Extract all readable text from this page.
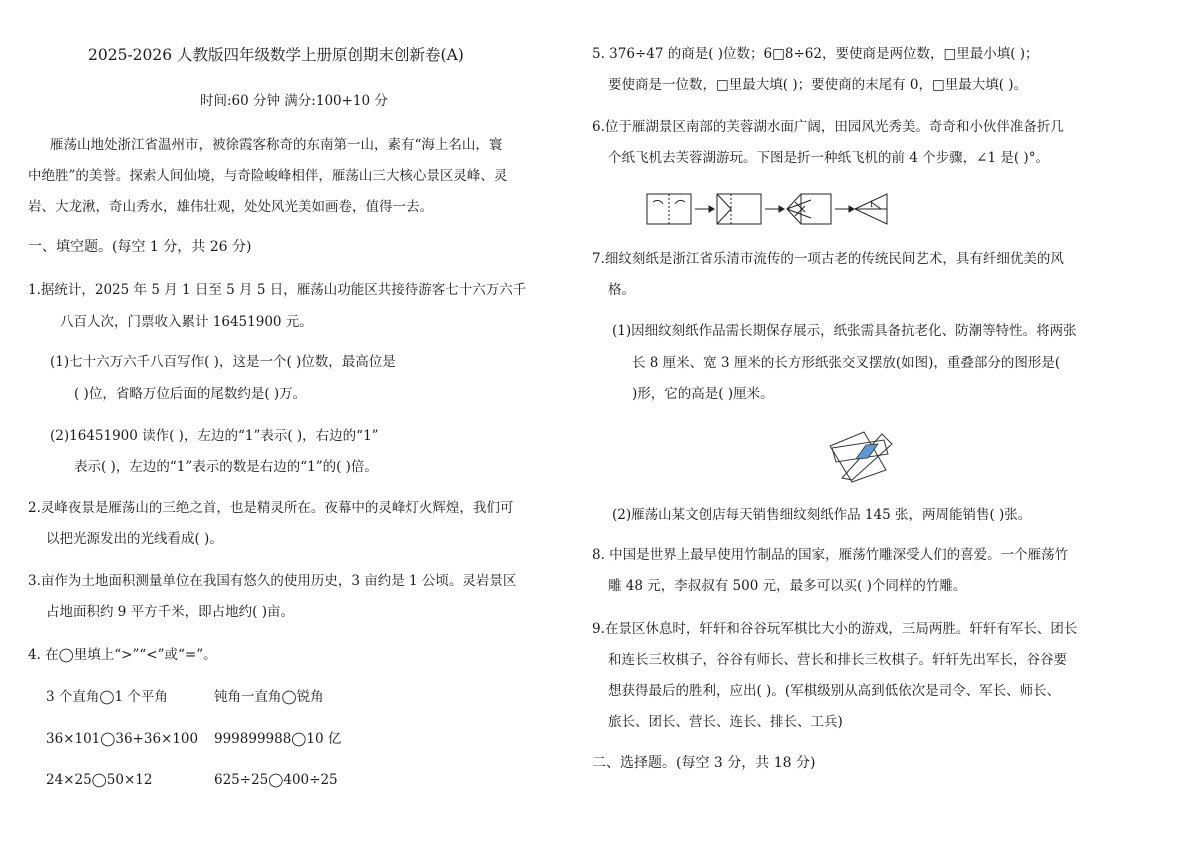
2025-2026 人教版四年级数学上册原创期末创新卷(A)
时间:60 分钟 满分:100+10 分
雁荡山地处浙江省温州市，被徐霞客称奇的东南第一山，素有“海上名山，寰
中绝胜”的美誉。探索人间仙境，与奇险峻峰相伴，雁荡山三大核心景区灵峰、灵
岩、大龙湫，奇山秀水，雄伟壮观，处处风光美如画卷，值得一去。
一、填空题。(每空 1 分，共 26 分)
1.据统计，2025 年 5 月 1 日至 5 月 5 日，雁荡山功能区共接待游客七十六万六千
八百人次，门票收入累计 16451900 元。
(1)七十六万六千八百写作( )，这是一个( )位数，最高位是
( )位，省略万位后面的尾数约是( )万。
(2)16451900 读作( )，左边的“1”表示( )，右边的“1”
表示( )，左边的“1”表示的数是右边的“1”的( )倍。
2.灵峰夜景是雁荡山的三绝之首，也是精灵所在。夜幕中的灵峰灯火辉煌，我们可
以把光源发出的光线看成( )。
3.亩作为土地面积测量单位在我国有悠久的使用历史，3 亩约是 1 公顷。灵岩景区
占地面积约 9 平方千米，即占地约( )亩。
4. 在◯里填上“>”“<”或“=”。
3 个直角◯1 个平角	钝角一直角◯锐角
36×101◯36+36×100 999899988◯10 亿
24×25◯50×12	625÷25◯400÷25
5. 376÷47 的商是( )位数；6□8÷62，要使商是两位数，□里最小填( )；
要使商是一位数，□里最大填( )；要使商的末尾有 0，□里最大填( )。
6.位于雁湖景区南部的芙蓉湖水面广阔，田园风光秀美。奇奇和小伙伴准备折几
个纸飞机去芙蓉湖游玩。下图是折一种纸飞机的前 4 个步骤，∠1 是( )°。
1
7.细纹刻纸是浙江省乐清市流传的一项古老的传统民间艺术，具有纤细优美的风
格。
(1)因细纹刻纸作品需长期保存展示，纸张需具备抗老化、防潮等特性。将两张
长 8 厘米、宽 3 厘米的长方形纸张交叉摆放(如图)，重叠部分的图形是(
)形，它的高是( )厘米。
(2)雁荡山某文创店每天销售细纹刻纸作品 145 张，两周能销售( )张。
8. 中国是世界上最早使用竹制品的国家，雁荡竹雕深受人们的喜爱。一个雁荡竹
雕 48 元，李叔叔有 500 元，最多可以买( )个同样的竹雕。
9.在景区休息时，轩轩和谷谷玩军棋比大小的游戏，三局两胜。轩轩有军长、团长
和连长三枚棋子，谷谷有师长、营长和排长三枚棋子。轩轩先出军长，谷谷要
想获得最后的胜利，应出( )。(军棋级别从高到低依次是司令、军长、师长、
旅长、团长、营长、连长、排长、工兵)
二、选择题。(每空 3 分，共 18 分)
